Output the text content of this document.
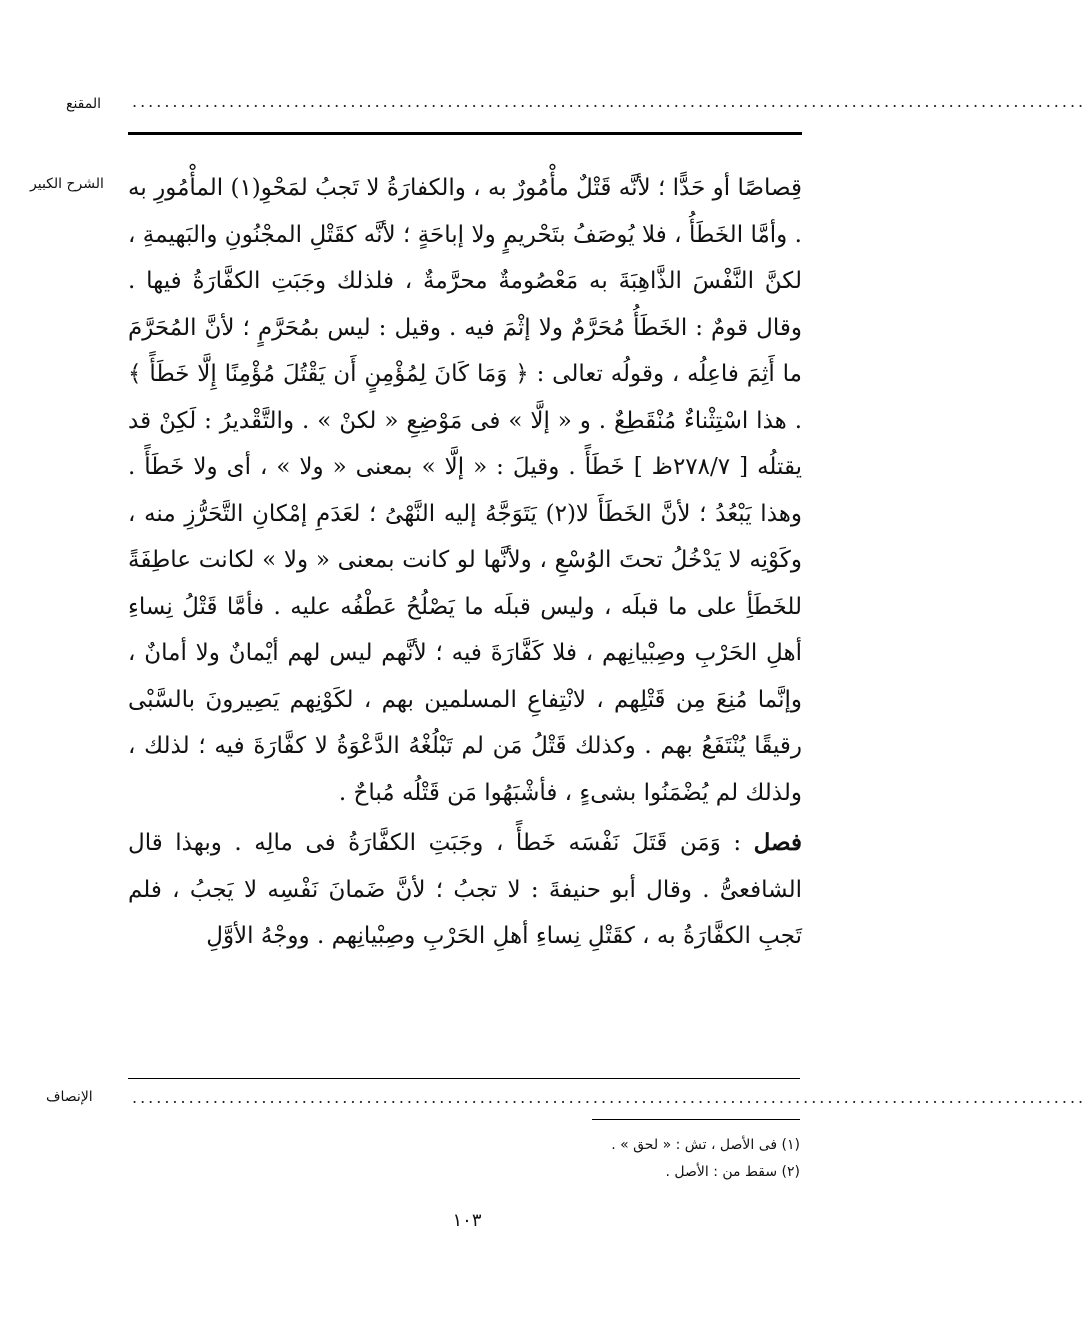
المقنع ......................................................................................................................
الشرح الكبير قِصاصًا أو حَدًّا ؛ لأنَّه قَتْلٌ مأْمُورٌ به ، والكفارَةُ لا تَجبُ لمَحْوِ(١) المأْمُورِ به . وأمَّا الخَطَأُ ، فلا يُوصَفُ بتَحْريمٍ ولا إباحَةٍ ؛ لأنَّه كقَتْلِ المجْنُونِ والبَهيمةِ ، لكنَّ النَّفْسَ الذَّاهِبَةَ به مَعْصُومةٌ محرَّمةٌ ، فلذلك وجَبَتِ الكفَّارَةُ فيها . وقال قومٌ : الخَطَأُ مُحَرَّمٌ ولا إثْمَ فيه . وقيل : ليس بمُحَرَّمٍ ؛ لأنَّ المُحَرَّمَ ما أَثِمَ فاعِلُه ، وقولُه تعالى : ﴿ وَمَا كَانَ لِمُؤْمِنٍ أَن يَقْتُلَ مُؤْمِنًا إِلَّا خَطَأً ﴾ . هذا اسْتِثْناءٌ مُنْقَطِعٌ . و « إلَّا » فى مَوْضِعِ « لكنْ » . والتَّقْديرُ : لَكِنْ قد يقتلُه [ ٢٧٨/٧ظ ] خَطَأً . وقيلَ : « إلَّا » بمعنى « ولا » ، أى ولا خَطَأً . وهذا يَبْعُدُ ؛ لأنَّ الخَطَأَ لا(٢) يَتَوَجَّهُ إليه النَّهْىُ ؛ لعَدَمِ إمْكانِ التَّحَرُّزِ منه ، وكَوْنِه لا يَدْخُلُ تحتَ الوُسْعِ ، ولأنَّها لو كانت بمعنى « ولا » لكانت عاطِفَةً للخَطَأِ على ما قبلَه ، وليس قبلَه ما يَصْلُحُ عَطْفُه عليه . فأمَّا قَتْلُ نِساءِ أهلِ الحَرْبِ وصِبْيانِهم ، فلا كَفَّارَةَ فيه ؛ لأنَّهم ليس لهم أيْمانٌ ولا أمانٌ ، وإنَّما مُنِعَ مِن قَتْلِهم ، لانْتِفاعِ المسلمين بهم ، لكَوْنِهم يَصِيرونَ بالسَّبْى رقيقًا يُنْتَفَعُ بهم . وكذلك قَتْلُ مَن لم تَبْلُغْهُ الدَّعْوَةُ لا كفَّارَةَ فيه ؛ لذلك ، ولذلك لم يُضْمَنُوا بشىءٍ ، فأشْبَهُوا مَن قَتْلُه مُباحٌ .

فصل : وَمَن قَتَلَ نَفْسَه خَطأً ، وجَبَتِ الكفَّارَةُ فى مالِه . وبهذا قال الشافعىُّ . وقال أبو حنيفةَ : لا تجبُ ؛ لأنَّ ضَمانَ نَفْسِه لا يَجبُ ، فلم تَجبِ الكفَّارَةُ به ، كقَتْلِ نِساءِ أهلِ الحَرْبِ وصِبْيانِهم . ووجْهُ الأوَّلِ

الإنصاف ......................................................................................................................
(١) فى الأصل ، تش : « لحق » .
(٢) سقط من : الأصل .
١٠٣
